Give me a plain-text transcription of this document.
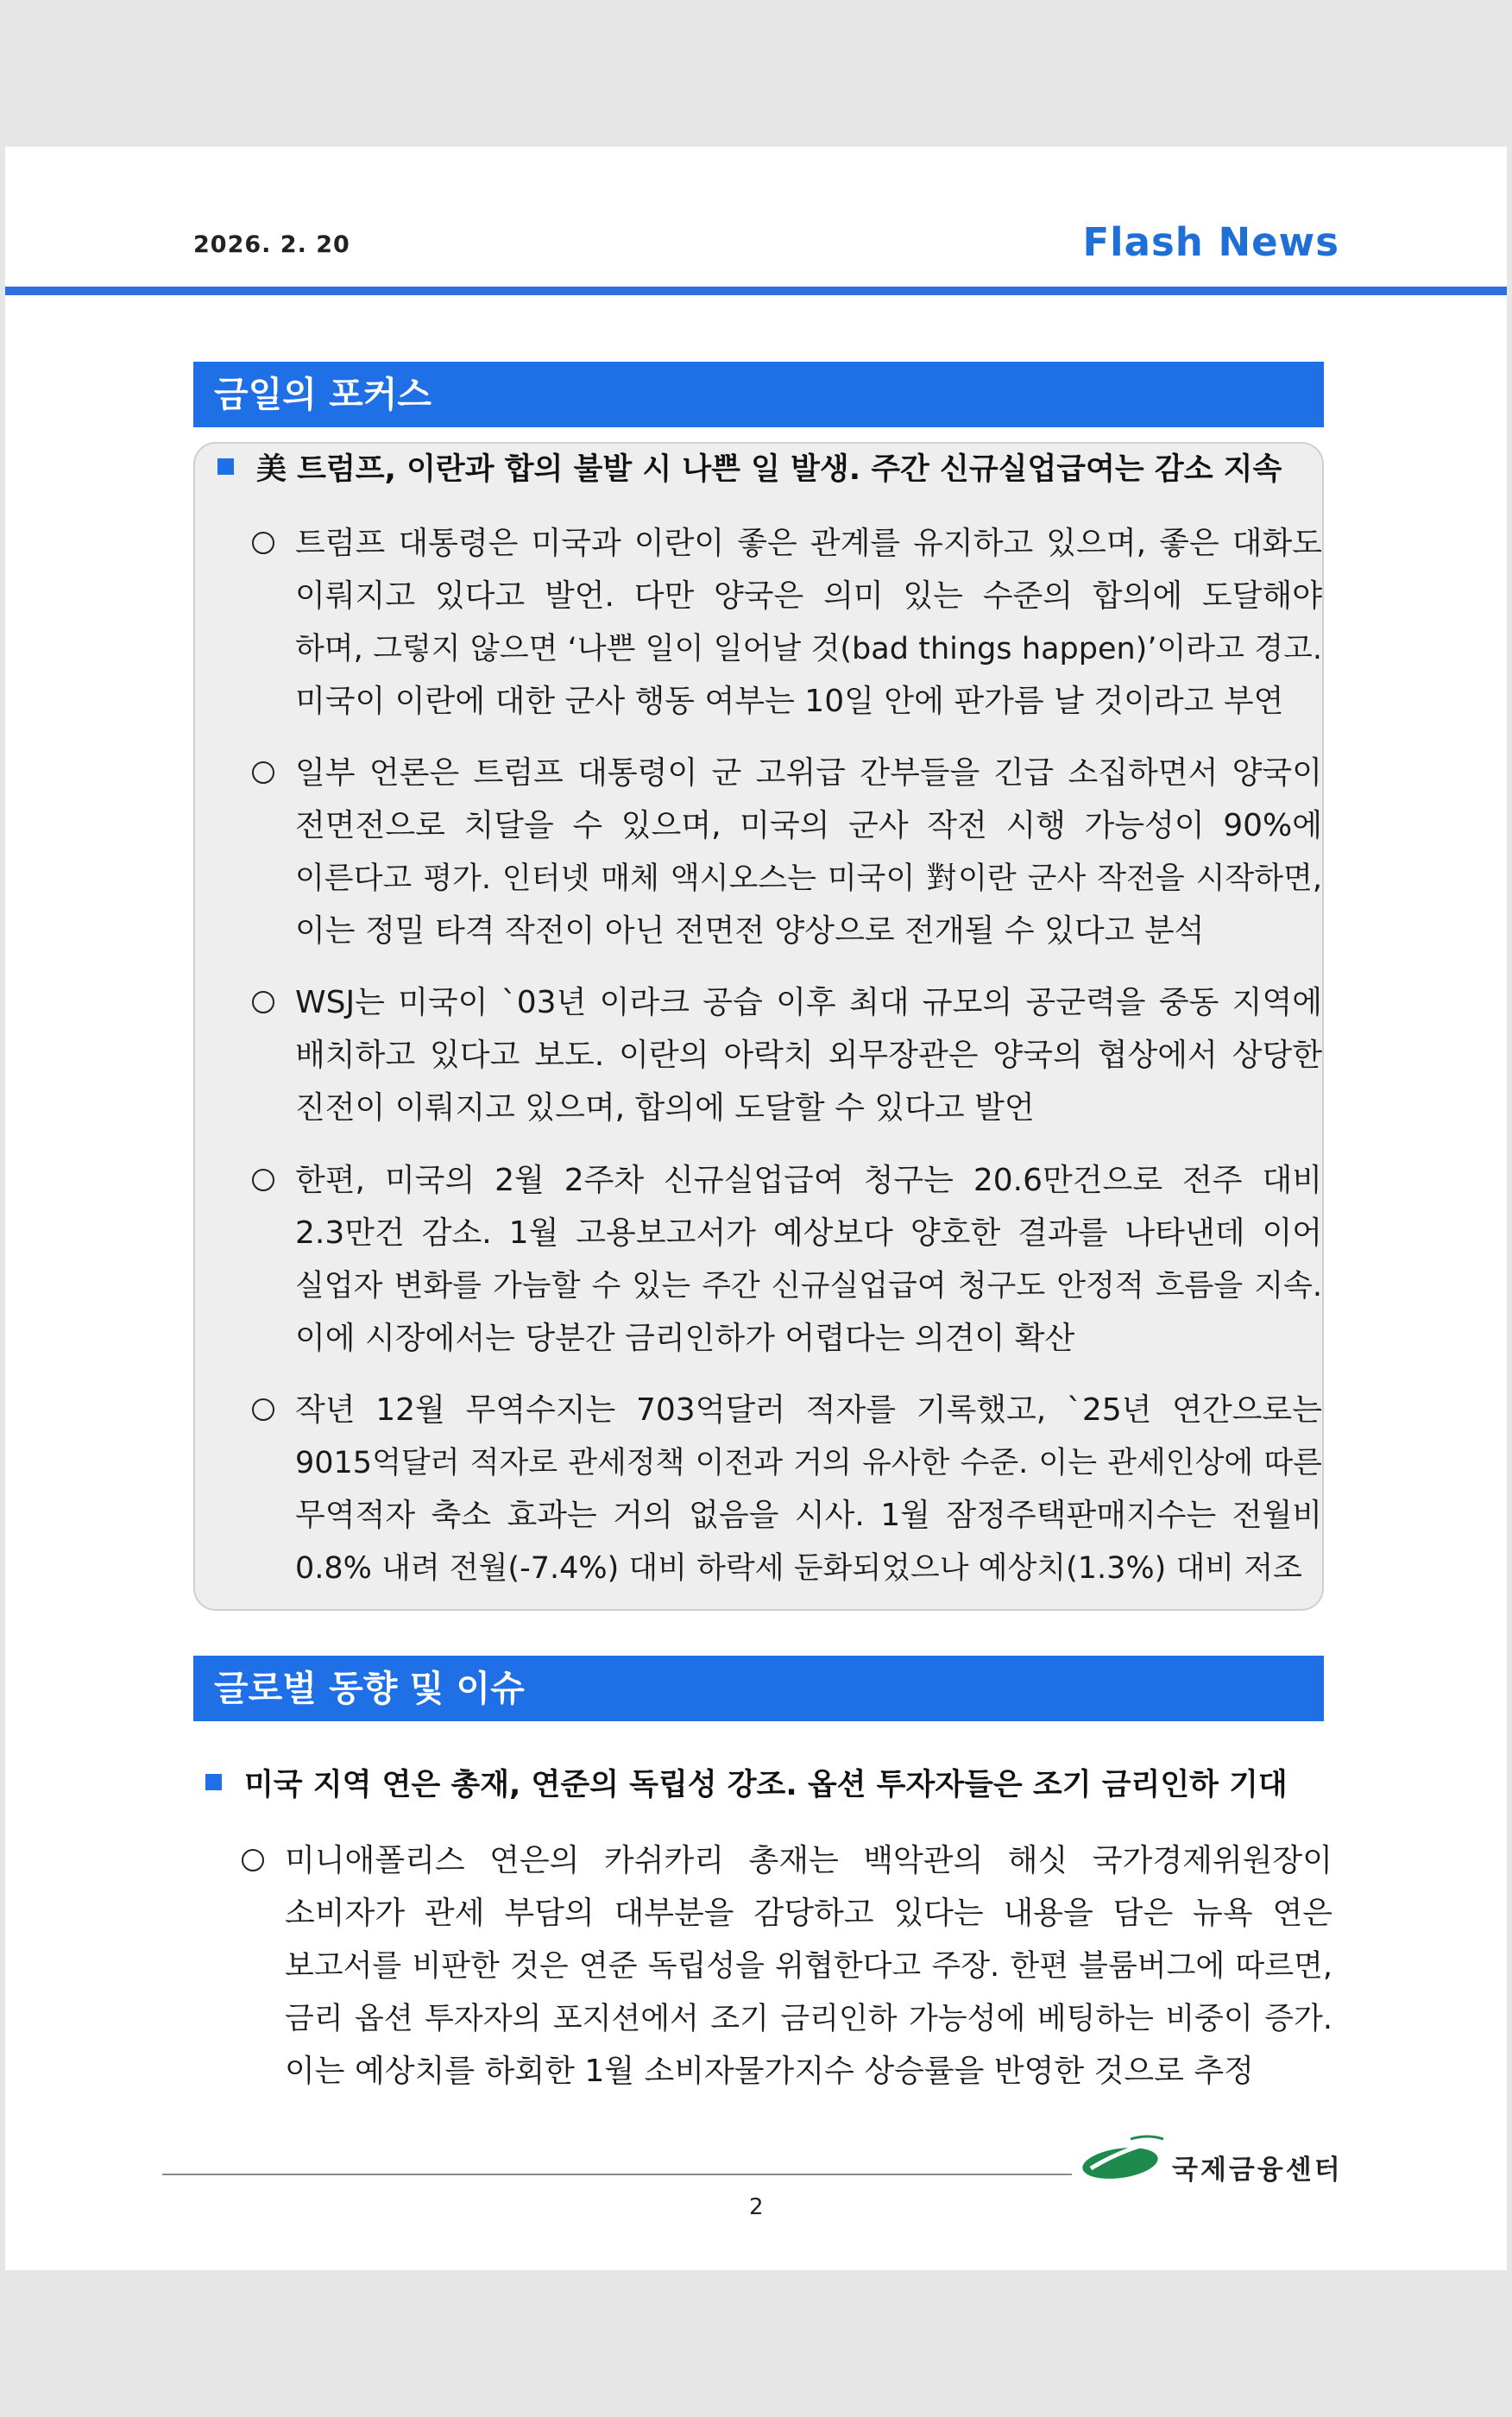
2026. 2. 20	Flash News
금일의 포커스
美 트럼프, 이란과 합의 불발 시 나쁜 일 발생. 주간 신규실업급여는 감소 지속
트럼프 대통령은 미국과 이란이 좋은 관계를 유지하고 있으며, 좋은 대화도
이뤄지고 있다고 발언. 다만 양국은 의미 있는 수준의 합의에 도달해야
하며, 그렇지 않으면 ‘나쁜 일이 일어날 것(bad things happen)’이라고 경고.
미국이 이란에 대한 군사 행동 여부는 10일 안에 판가름 날 것이라고 부연
일부 언론은 트럼프 대통령이 군 고위급 간부들을 긴급 소집하면서 양국이
전면전으로 치달을 수 있으며, 미국의 군사 작전 시행 가능성이 90%에
이른다고 평가. 인터넷 매체 액시오스는 미국이 對이란 군사 작전을 시작하면,
이는 정밀 타격 작전이 아닌 전면전 양상으로 전개될 수 있다고 분석
WSJ는 미국이 `03년 이라크 공습 이후 최대 규모의 공군력을 중동 지역에
배치하고 있다고 보도. 이란의 아락치 외무장관은 양국의 협상에서 상당한
진전이 이뤄지고 있으며, 합의에 도달할 수 있다고 발언
한편, 미국의 2월 2주차 신규실업급여 청구는 20.6만건으로 전주 대비
2.3만건 감소. 1월 고용보고서가 예상보다 양호한 결과를 나타낸데 이어
실업자 변화를 가늠할 수 있는 주간 신규실업급여 청구도 안정적 흐름을 지속.
이에 시장에서는 당분간 금리인하가 어렵다는 의견이 확산
작년 12월 무역수지는 703억달러 적자를 기록했고, `25년 연간으로는
9015억달러 적자로 관세정책 이전과 거의 유사한 수준. 이는 관세인상에 따른
무역적자 축소 효과는 거의 없음을 시사. 1월 잠정주택판매지수는 전월비
0.8% 내려 전월(-7.4%) 대비 하락세 둔화되었으나 예상치(1.3%) 대비 저조
글로벌 동향 및 이슈
미국 지역 연은 총재, 연준의 독립성 강조. 옵션 투자자들은 조기 금리인하 기대
미니애폴리스 연은의 카쉬카리 총재는 백악관의 해싯 국가경제위원장이
소비자가 관세 부담의 대부분을 감당하고 있다는 내용을 담은 뉴욕 연은
보고서를 비판한 것은 연준 독립성을 위협한다고 주장. 한편 블룸버그에 따르면,
금리 옵션 투자자의 포지션에서 조기 금리인하 가능성에 베팅하는 비중이 증가.
이는 예상치를 하회한 1월 소비자물가지수 상승률을 반영한 것으로 추정
국제금융센터
2
